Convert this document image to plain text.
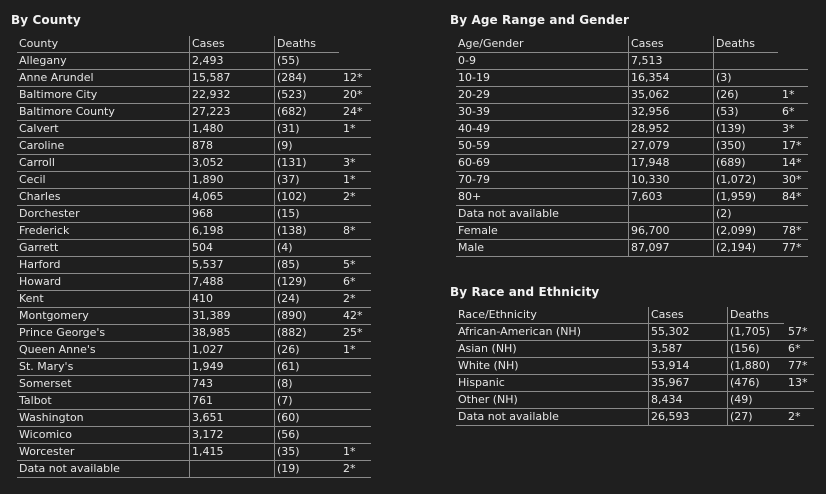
By County
County	Cases	Deaths	
Allegany	2,493	(55)	
Anne Arundel	15,587	(284)	12*
Baltimore City	22,932	(523)	20*
Baltimore County	27,223	(682)	24*
Calvert	1,480	(31)	1*
Caroline	878	(9)	
Carroll	3,052	(131)	3*
Cecil	1,890	(37)	1*
Charles	4,065	(102)	2*
Dorchester	968	(15)	
Frederick	6,198	(138)	8*
Garrett	504	(4)	
Harford	5,537	(85)	5*
Howard	7,488	(129)	6*
Kent	410	(24)	2*
Montgomery	31,389	(890)	42*
Prince George's	38,985	(882)	25*
Queen Anne's	1,027	(26)	1*
St. Mary's	1,949	(61)	
Somerset	743	(8)	
Talbot	761	(7)	
Washington	3,651	(60)	
Wicomico	3,172	(56)	
Worcester	1,415	(35)	1*
Data not available		(19)	2*
By Age Range and Gender
Age/Gender	Cases	Deaths	
0-9	7,513		
10-19	16,354	(3)	
20-29	35,062	(26)	1*
30-39	32,956	(53)	6*
40-49	28,952	(139)	3*
50-59	27,079	(350)	17*
60-69	17,948	(689)	14*
70-79	10,330	(1,072)	30*
80+	7,603	(1,959)	84*
Data not available		(2)	
Female	96,700	(2,099)	78*
Male	87,097	(2,194)	77*
By Race and Ethnicity
Race/Ethnicity	Cases	Deaths	
African-American (NH)	55,302	(1,705)	57*
Asian (NH)	3,587	(156)	6*
White (NH)	53,914	(1,880)	77*
Hispanic	35,967	(476)	13*
Other (NH)	8,434	(49)	
Data not available	26,593	(27)	2*
